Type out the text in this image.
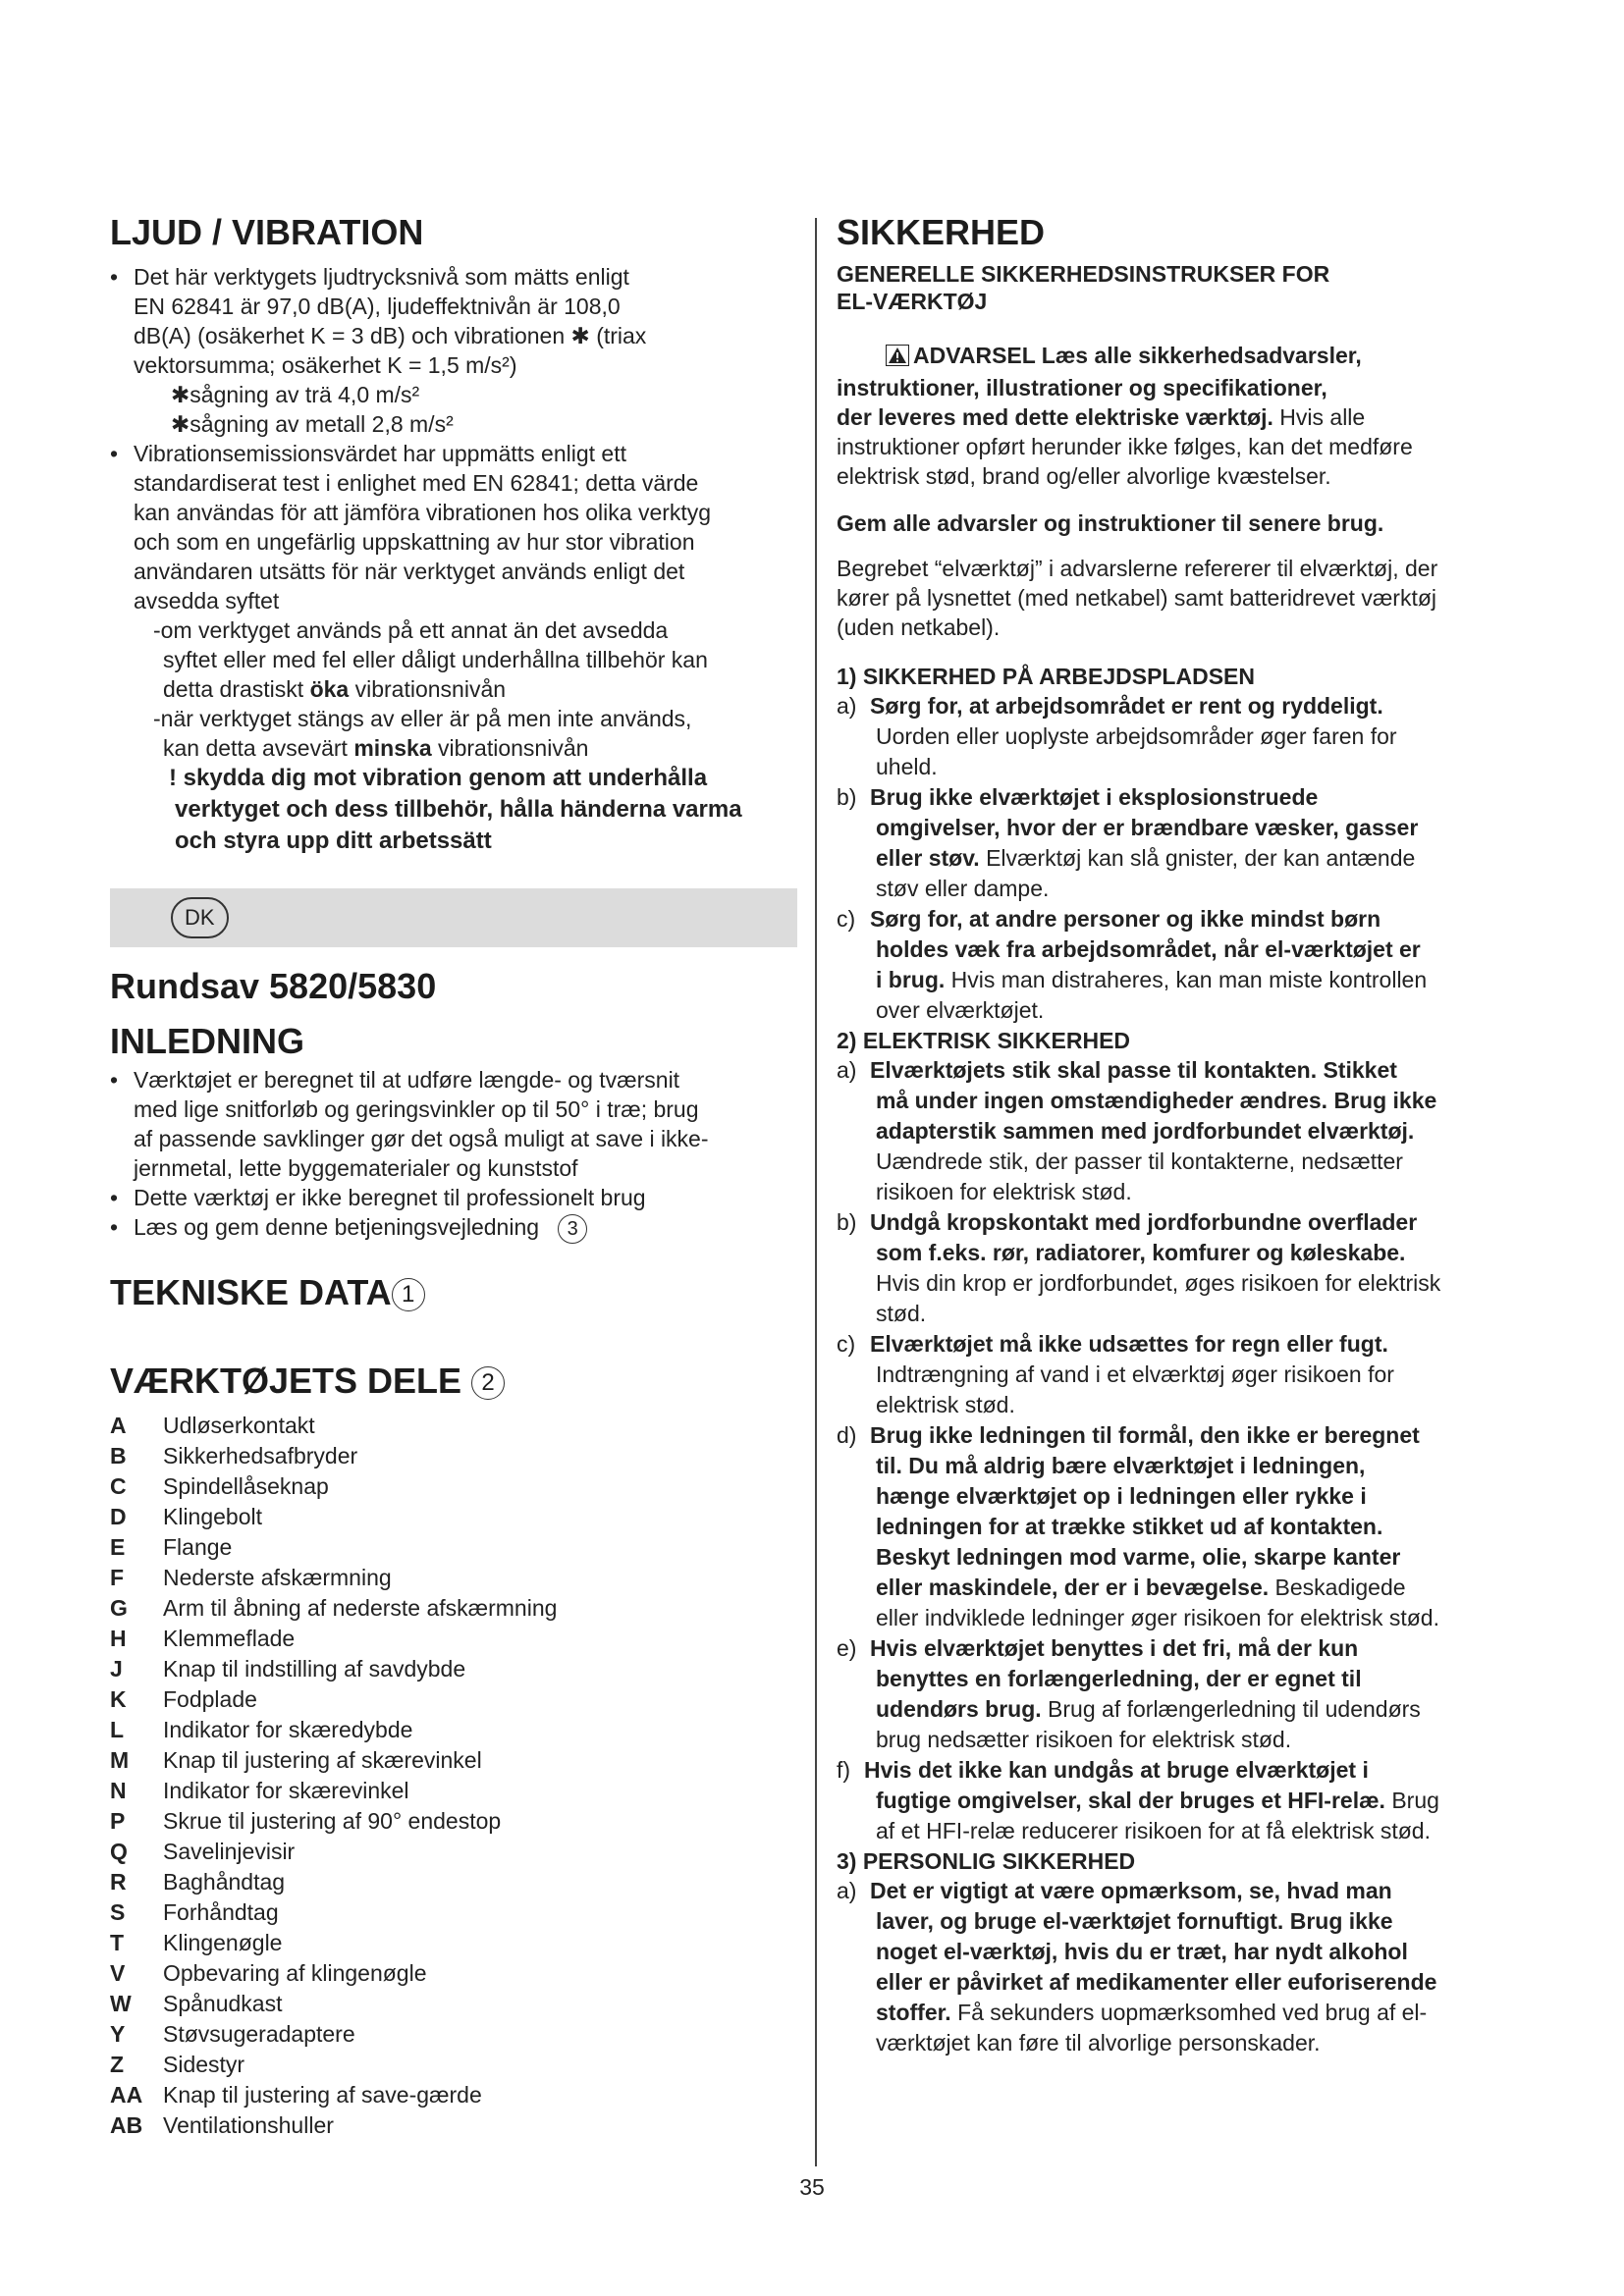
LJUD / VIBRATION
• Det här verktygets ljudtrycksnivå som mätts enligt
EN 62841 är 97,0 dB(A), ljudeffektnivån är 108,0
dB(A) (osäkerhet K = 3 dB) och vibrationen ✱ (triax
vektorsumma; osäkerhet K = 1,5 m/s²)
✱sågning av trä 4,0 m/s²
✱sågning av metall 2,8 m/s²
• Vibrationsemissionsvärdet har uppmätts enligt ett
standardiserat test i enlighet med EN 62841; detta värde
kan användas för att jämföra vibrationen hos olika verktyg
och som en ungefärlig uppskattning av hur stor vibration
användaren utsätts för när verktyget används enligt det
avsedda syftet
-om verktyget används på ett annat än det avsedda
syftet eller med fel eller dåligt underhållna tillbehör kan
detta drastiskt öka vibrationsnivån
-när verktyget stängs av eller är på men inte används,
kan detta avsevärt minska vibrationsnivån
! skydda dig mot vibration genom att underhålla
verktyget och dess tillbehör, hålla händerna varma
och styra upp ditt arbetssätt
DK
Rundsav 5820/5830
INLEDNING
• Værktøjet er beregnet til at udføre længde- og tværsnit
med lige snitforløb og geringsvinkler op til 50° i træ; brug
af passende savklinger gør det også muligt at save i ikke-
jernmetal, lette byggematerialer og kunststof
• Dette værktøj er ikke beregnet til professionelt brug
• Læs og gem denne betjeningsvejledning 3
TEKNISKE DATA 1
VÆRKTØJETS DELE 2
A	Udløserkontakt
B	Sikkerhedsafbryder
C	Spindellåseknap
D	Klingebolt
E	Flange
F	Nederste afskærmning
G	Arm til åbning af nederste afskærmning
H	Klemmeflade
J	Knap til indstilling af savdybde
K	Fodplade
L	Indikator for skæredybde
M	Knap til justering af skærevinkel
N	Indikator for skærevinkel
P	Skrue til justering af 90° endestop
Q	Savelinjevisir
R	Baghåndtag
S	Forhåndtag
T	Klingenøgle
V	Opbevaring af klingenøgle
W	Spånudkast
Y	Støvsugeradaptere
Z	Sidestyr
AA Knap til justering af save-gærde
AB Ventilationshuller
SIKKERHED
GENERELLE SIKKERHEDSINSTRUKSER FOR
EL-VÆRKTØJ
ADVARSEL Læs alle sikkerhedsadvarsler,
instruktioner, illustrationer og specifikationer,
der leveres med dette elektriske værktøj. Hvis alle
instruktioner opført herunder ikke følges, kan det medføre
elektrisk stød, brand og/eller alvorlige kvæstelser.
Gem alle advarsler og instruktioner til senere brug.
Begrebet “elværktøj” i advarslerne refererer til elværktøj, der
kører på lysnettet (med netkabel) samt batteridrevet værktøj
(uden netkabel).
1) SIKKERHED PÅ ARBEJDSPLADSEN
a) Sørg for, at arbejdsområdet er rent og ryddeligt.
Uorden eller uoplyste arbejdsområder øger faren for
uheld.
b) Brug ikke elværktøjet i eksplosionstruede
omgivelser, hvor der er brændbare væsker, gasser
eller støv. Elværktøj kan slå gnister, der kan antænde
støv eller dampe.
c) Sørg for, at andre personer og ikke mindst børn
holdes væk fra arbejdsområdet, når el-værktøjet er
i brug. Hvis man distraheres, kan man miste kontrollen
over elværktøjet.
2) ELEKTRISK SIKKERHED
a) Elværktøjets stik skal passe til kontakten. Stikket
må under ingen omstændigheder ændres. Brug ikke
adapterstik sammen med jordforbundet elværktøj.
Uændrede stik, der passer til kontakterne, nedsætter
risikoen for elektrisk stød.
b) Undgå kropskontakt med jordforbundne overflader
som f.eks. rør, radiatorer, komfurer og køleskabe.
Hvis din krop er jordforbundet, øges risikoen for elektrisk
stød.
c) Elværktøjet må ikke udsættes for regn eller fugt.
Indtrængning af vand i et elværktøj øger risikoen for
elektrisk stød.
d) Brug ikke ledningen til formål, den ikke er beregnet
til. Du må aldrig bære elværktøjet i ledningen,
hænge elværktøjet op i ledningen eller rykke i
ledningen for at trække stikket ud af kontakten.
Beskyt ledningen mod varme, olie, skarpe kanter
eller maskindele, der er i bevægelse. Beskadigede
eller indviklede ledninger øger risikoen for elektrisk stød.
e) Hvis elværktøjet benyttes i det fri, må der kun
benyttes en forlængerledning, der er egnet til
udendørs brug. Brug af forlængerledning til udendørs
brug nedsætter risikoen for elektrisk stød.
f) Hvis det ikke kan undgås at bruge elværktøjet i
fugtige omgivelser, skal der bruges et HFI-relæ. Brug
af et HFI-relæ reducerer risikoen for at få elektrisk stød.
3) PERSONLIG SIKKERHED
a) Det er vigtigt at være opmærksom, se, hvad man
laver, og bruge el-værktøjet fornuftigt. Brug ikke
noget el-værktøj, hvis du er træt, har nydt alkohol
eller er påvirket af medikamenter eller euforiserende
stoffer. Få sekunders uopmærksomhed ved brug af el-
værktøjet kan føre til alvorlige personskader.
35
